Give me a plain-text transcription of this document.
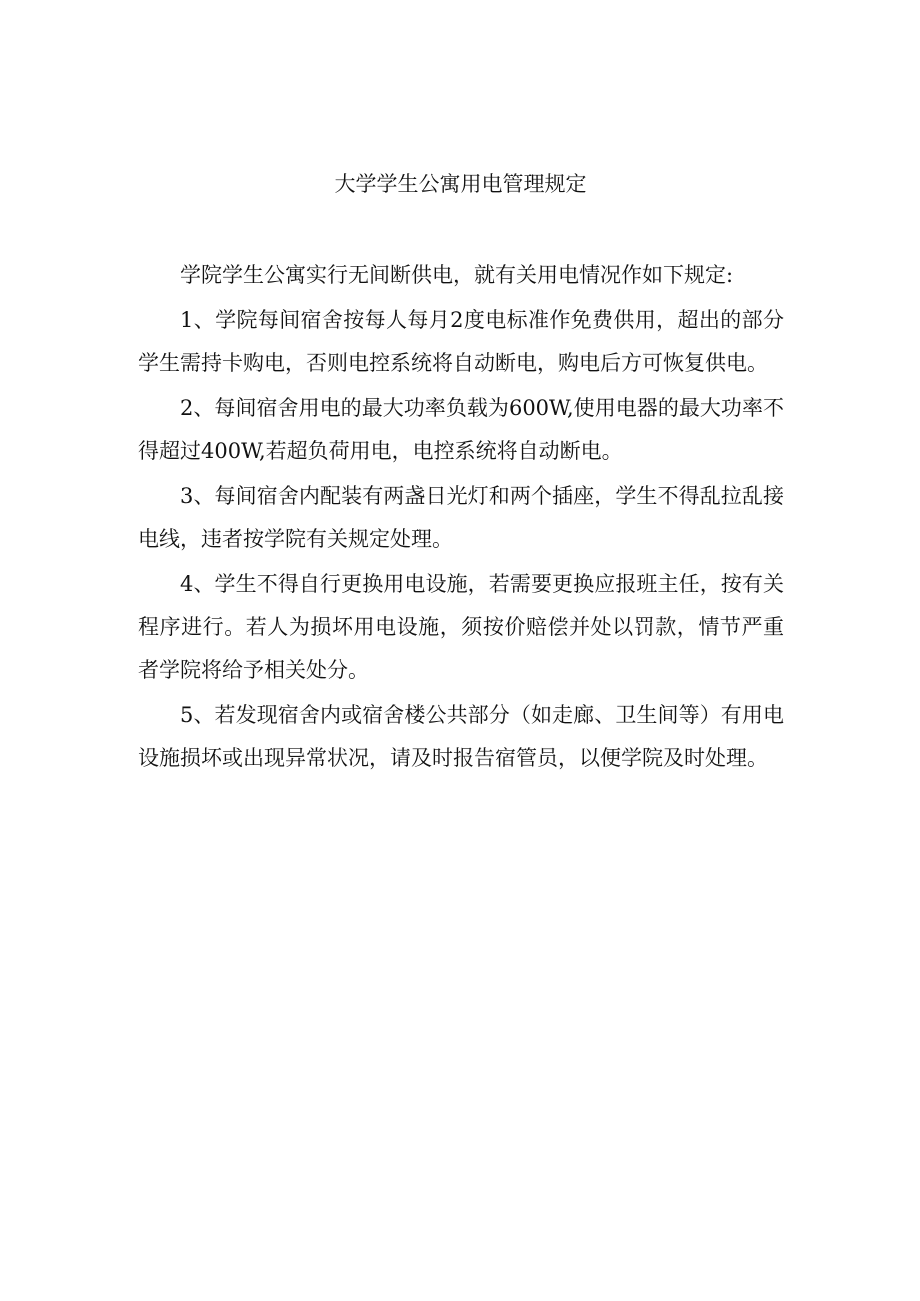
大学学生公寓用电管理规定

学院学生公寓实行无间断供电，就有关用电情况作如下规定:

1、学院每间宿舍按每人每月2度电标准作免费供用，超出的部分学生需持卡购电，否则电控系统将自动断电，购电后方可恢复供电。

2、每间宿舍用电的最大功率负载为600W,使用电器的最大功率不得超过400W,若超负荷用电，电控系统将自动断电。

3、每间宿舍内配装有两盏日光灯和两个插座，学生不得乱拉乱接电线，违者按学院有关规定处理。

4、学生不得自行更换用电设施，若需要更换应报班主任，按有关程序进行。若人为损坏用电设施，须按价赔偿并处以罚款，情节严重者学院将给予相关处分。

5、若发现宿舍内或宿舍楼公共部分（如走廊、卫生间等）有用电设施损坏或出现异常状况，请及时报告宿管员，以便学院及时处理。
